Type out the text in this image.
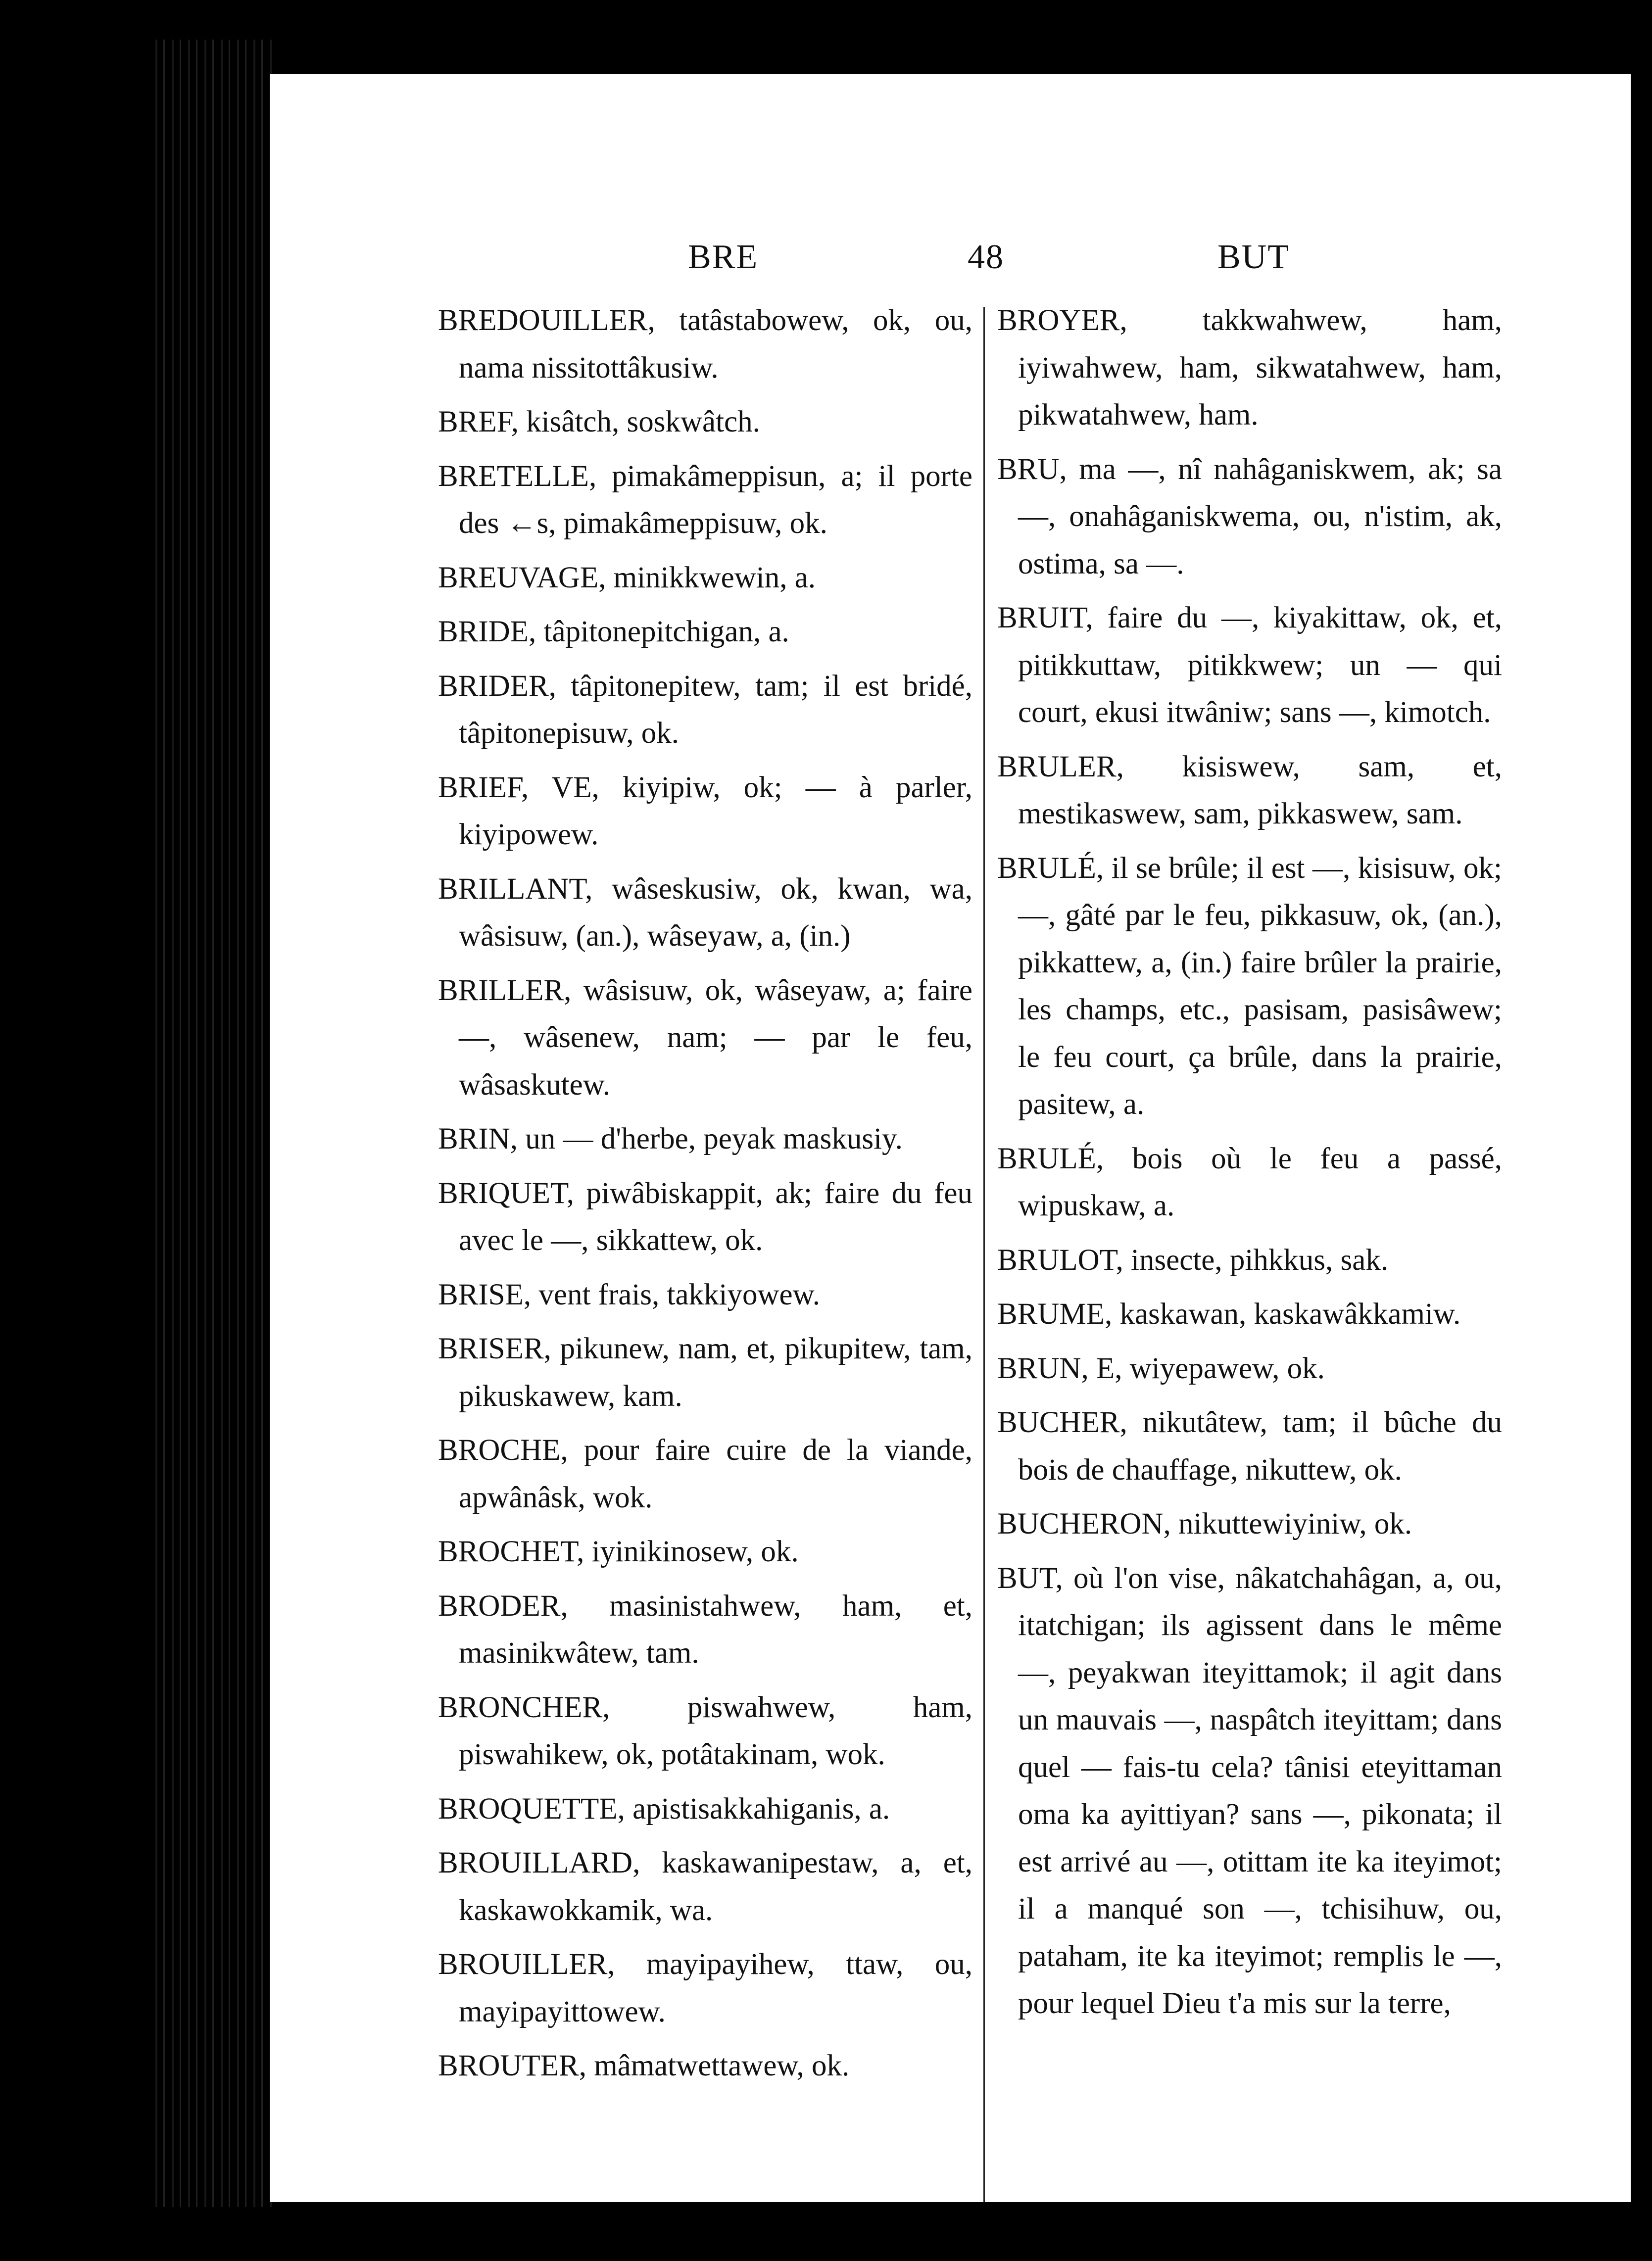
BRE	48	BUT

BREDOUILLER, tatâstabowew, ok, ou, nama nissitottâkusiw.

BREF, kisâtch, soskwâtch.

BRETELLE, pimakâmeppisun, a; il porte des ←s, pimakâmeppisuw, ok.

BREUVAGE, minikkwewin, a.

BRIDE, tâpitonepitchigan, a.

BRIDER, tâpitonepitew, tam; il est bridé, tâpitonepisuw, ok.

BRIEF, VE, kiyipiw, ok; — à parler, kiyipowew.

BRILLANT, wâseskusiw, ok, kwan, wa, wâsisuw, (an.), wâseyaw, a, (in.)

BRILLER, wâsisuw, ok, wâseyaw, a; faire —, wâsenew, nam; — par le feu, wâsaskutew.

BRIN, un — d'herbe, peyak maskusiy.

BRIQUET, piwâbiskappit, ak; faire du feu avec le —, sikkattew, ok.

BRISE, vent frais, takkiyowew.

BRISER, pikunew, nam, et, pikupitew, tam, pikuskawew, kam.

BROCHE, pour faire cuire de la viande, apwânâsk, wok.

BROCHET, iyinikinosew, ok.

BRODER, masinistahwew, ham, et, masinikwâtew, tam.

BRONCHER, piswahwew, ham, piswahikew, ok, potâtakinam, wok.

BROQUETTE, apistisakkahiganis, a.

BROUILLARD, kaskawanipestaw, a, et, kaskawokkamik, wa.

BROUILLER, mayipayihew, ttaw, ou, mayipayittowew.

BROUTER, mâmatwettawew, ok.

BROYER, takkwahwew, ham, iyiwahwew, ham, sikwatahwew, ham, pikwatahwew, ham.

BRU, ma —, nî nahâganiskwem, ak; sa —, onahâganiskwema, ou, n'istim, ak, ostima, sa —.

BRUIT, faire du —, kiyakittaw, ok, et, pitikkuttaw, pitikkwew; un — qui court, ekusi itwâniw; sans —, kimotch.

BRULER, kisiswew, sam, et, mestikaswew, sam, pikkaswew, sam.

BRULÉ, il se brûle; il est —, kisisuw, ok; —, gâté par le feu, pikkasuw, ok, (an.), pikkattew, a, (in.) faire brûler la prairie, les champs, etc., pasisam, pasisâwew; le feu court, ça brûle, dans la prairie, pasitew, a.

BRULÉ, bois où le feu a passé, wipuskaw, a.

BRULOT, insecte, pihkkus, sak.

BRUME, kaskawan, kaskawâkkamiw.

BRUN, E, wiyepawew, ok.

BUCHER, nikutâtew, tam; il bûche du bois de chauffage, nikuttew, ok.

BUCHERON, nikuttewiyiniw, ok.

BUT, où l'on vise, nâkatchahâgan, a, ou, itatchigan; ils agissent dans le même —, peyakwan iteyittamok; il agit dans un mauvais —, naspâtch iteyittam; dans quel — fais-tu cela? tânisi eteyittaman oma ka ayittiyan? sans —, pikonata; il est arrivé au —, otittam ite ka iteyimot; il a manqué son —, tchisihuw, ou, pataham, ite ka iteyimot; remplis le —, pour lequel Dieu t'a mis sur la terre,
